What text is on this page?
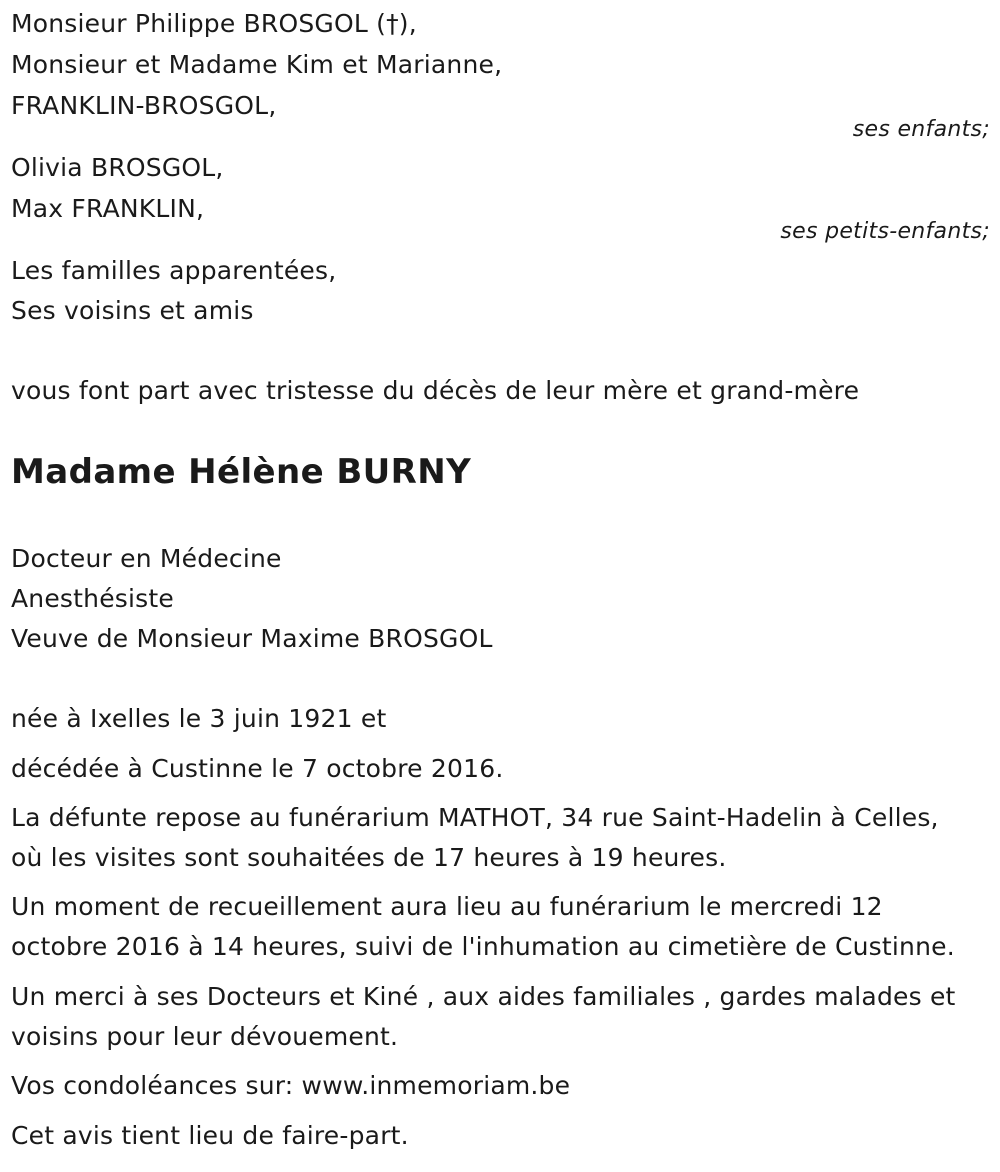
Monsieur Philippe BROSGOL (†),
Monsieur et Madame Kim et Marianne,
FRANKLIN-BROSGOL,
ses enfants;
Olivia BROSGOL,
Max FRANKLIN,
ses petits-enfants;
Les familles apparentées,
Ses voisins et amis
vous font part avec tristesse du décès de leur mère et grand-mère
Madame Hélène BURNY
Docteur en Médecine
Anesthésiste
Veuve de Monsieur Maxime BROSGOL
née à Ixelles le 3 juin 1921 et
décédée à Custinne le 7 octobre 2016.
La défunte repose au funérarium MATHOT, 34 rue Saint-Hadelin à Celles,
où les visites sont souhaitées de 17 heures à 19 heures.
Un moment de recueillement aura lieu au funérarium le mercredi 12
octobre 2016 à 14 heures, suivi de l'inhumation au cimetière de Custinne.
Un merci à ses Docteurs et Kiné , aux aides familiales , gardes malades et
voisins pour leur dévouement.
Vos condoléances sur: www.inmemoriam.be
Cet avis tient lieu de faire-part.
